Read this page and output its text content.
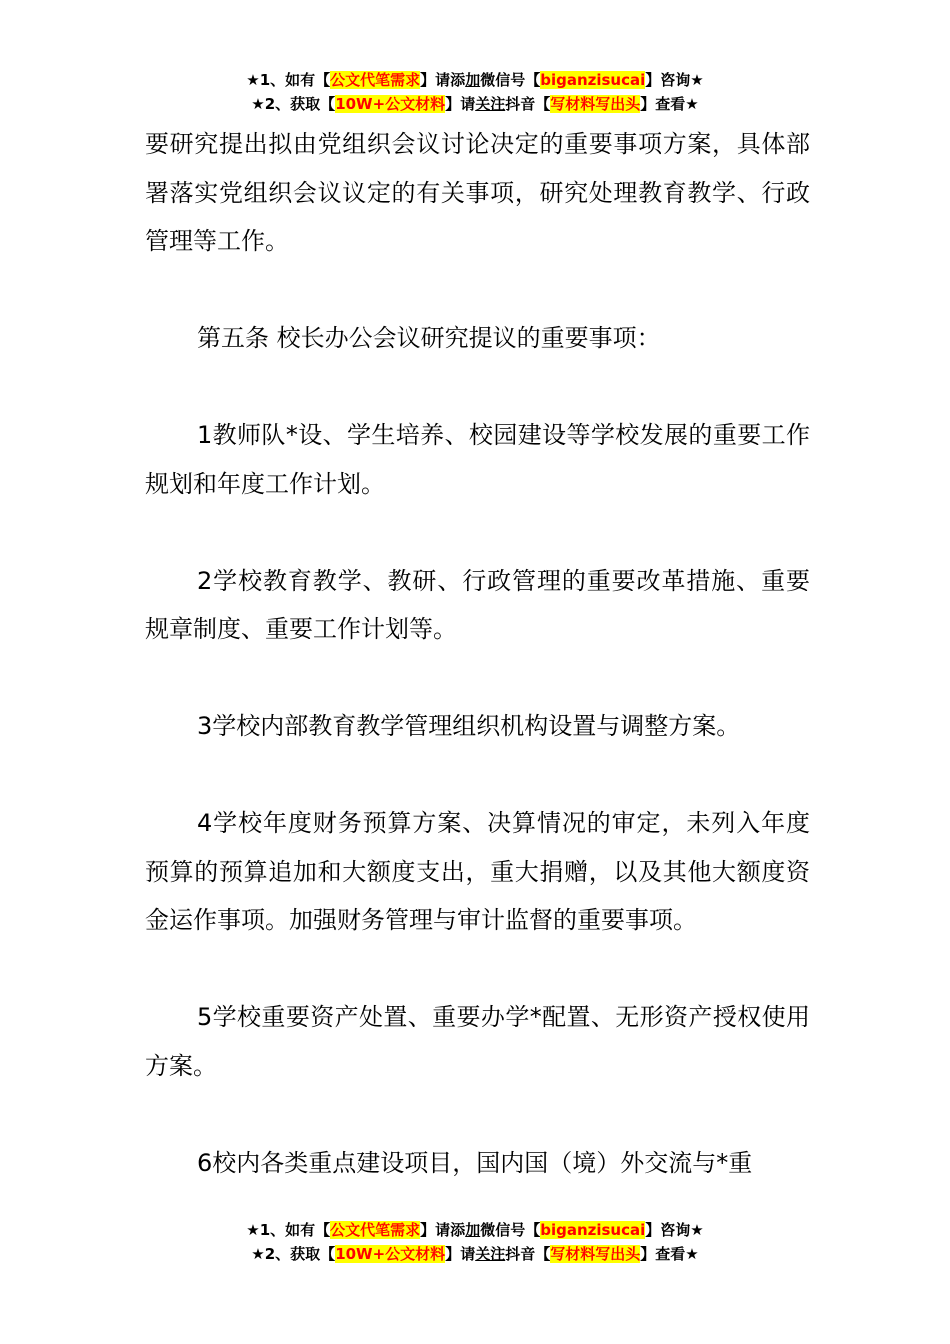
★1、如有【公文代笔需求】请添加微信号【biganzisucai】咨询★
★2、获取【10W+公文材料】请关注抖音【写材料写出头】查看★

要研究提出拟由党组织会议讨论决定的重要事项方案，具体部署落实党组织会议议定的有关事项，研究处理教育教学、行政管理等工作。

第五条 校长办公会议研究提议的重要事项：

1教师队*设、学生培养、校园建设等学校发展的重要工作规划和年度工作计划。

2学校教育教学、教研、行政管理的重要改革措施、重要规章制度、重要工作计划等。

3学校内部教育教学管理组织机构设置与调整方案。

4学校年度财务预算方案、决算情况的审定，未列入年度预算的预算追加和大额度支出，重大捐赠，以及其他大额度资金运作事项。加强财务管理与审计监督的重要事项。

5学校重要资产处置、重要办学*配置、无形资产授权使用方案。

6校内各类重点建设项目，国内国（境）外交流与*重

★1、如有【公文代笔需求】请添加微信号【biganzisucai】咨询★
★2、获取【10W+公文材料】请关注抖音【写材料写出头】查看★
